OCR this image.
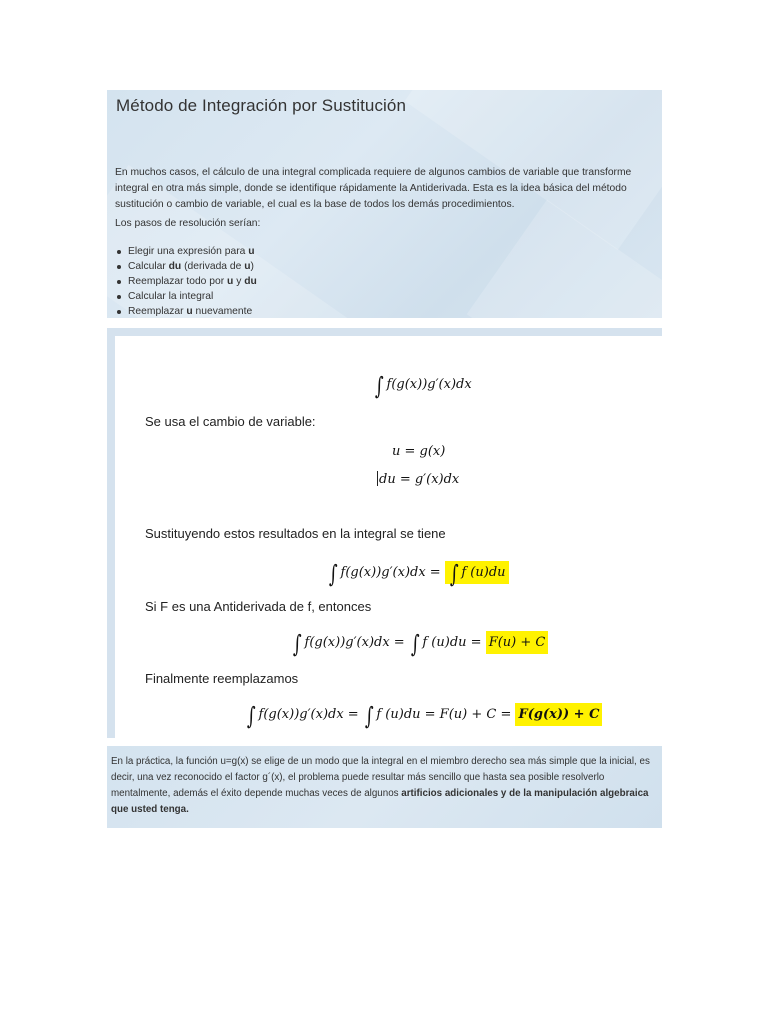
Método de Integración por Sustitución
En muchos casos, el cálculo de una integral complicada requiere de algunos cambios de variable que transforme integral en otra más simple, donde se identifique rápidamente la Antiderivada. Esta es la idea básica del método sustitución o cambio de variable, el cual es la base de todos los demás procedimientos.
Los pasos de resolución serían:
Elegir una expresión para u
Calcular du (derivada de u)
Reemplazar todo por u y du
Calcular la integral
Reemplazar u nuevamente
∫ f(g(x))g′(x)dx
Se usa el cambio de variable:
u = g(x)
du = g′(x)dx
Sustituyendo estos resultados en la integral se tiene
∫ f(g(x))g′(x)dx = ∫ f (u)du
Si F es una Antiderivada de f, entonces
∫ f(g(x))g′(x)dx = ∫ f (u)du = F(u) + C
Finalmente reemplazamos
∫ f(g(x))g′(x)dx = ∫ f (u)du = F(u) + C = F(g(x)) + C
En la práctica, la función u=g(x) se elige de un modo que la integral en el miembro derecho sea más simple que la inicial, es decir, una vez reconocido el factor g´(x), el problema puede resultar más sencillo que hasta sea posible resolverlo mentalmente, además el éxito depende muchas veces de algunos artificios adicionales y de la manipulación algebraica que usted tenga.
